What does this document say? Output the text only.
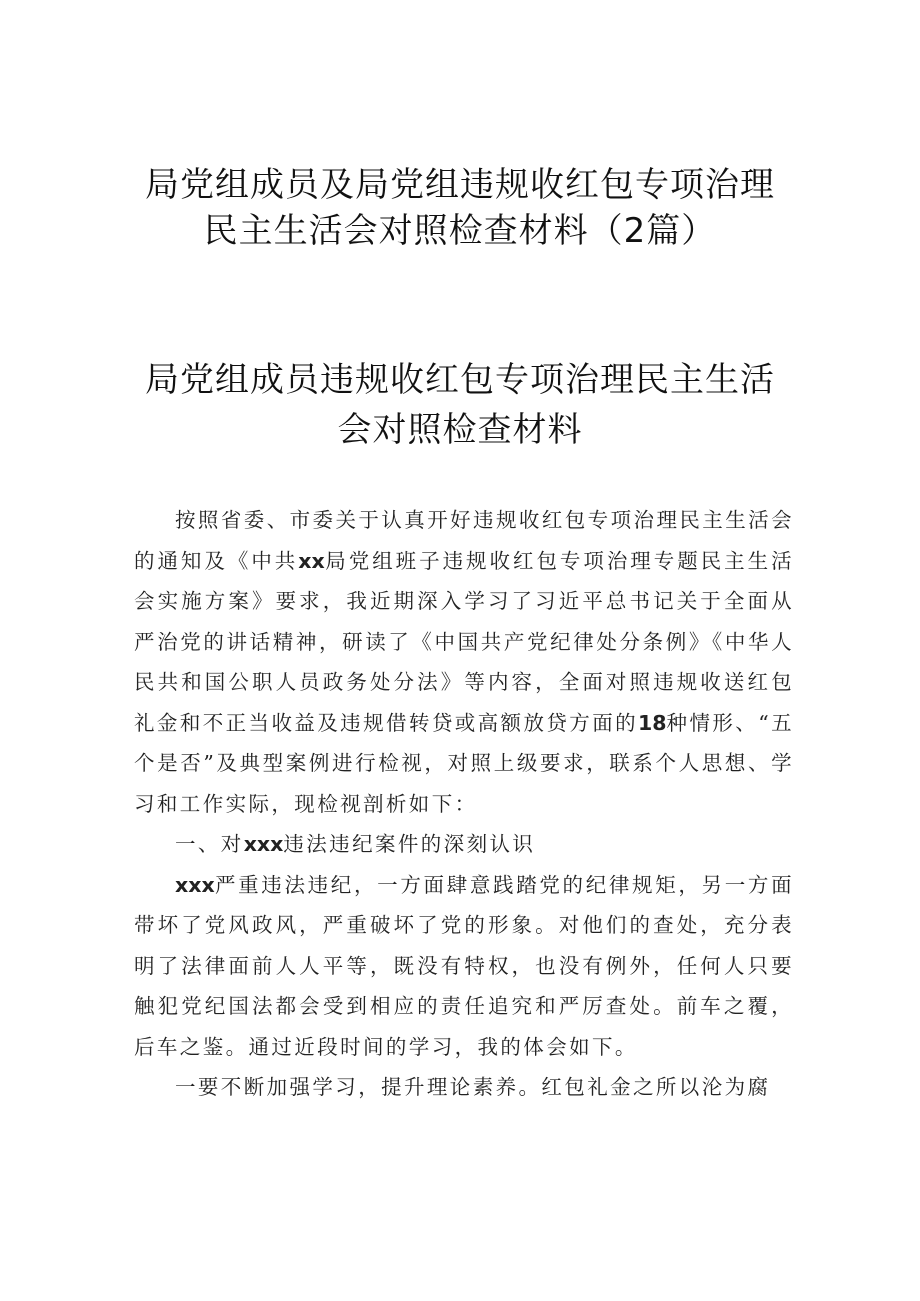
局党组成员及局党组违规收红包专项治理
民主生活会对照检查材料（2篇）
局党组成员违规收红包专项治理民主生活
会对照检查材料

按照省委、市委关于认真开好违规收红包专项治理民主生活会的通知及《中共xx局党组班子违规收红包专项治理专题民主生活会实施方案》要求，我近期深入学习了习近平总书记关于全面从严治党的讲话精神，研读了《中国共产党纪律处分条例》《中华人民共和国公职人员政务处分法》等内容，全面对照违规收送红包礼金和不正当收益及违规借转贷或高额放贷方面的18种情形、“五个是否”及典型案例进行检视，对照上级要求，联系个人思想、学习和工作实际，现检视剖析如下：

一、对xxx违法违纪案件的深刻认识

xxx严重违法违纪，一方面肆意践踏党的纪律规矩，另一方面带坏了党风政风，严重破坏了党的形象。对他们的查处，充分表明了法律面前人人平等，既没有特权，也没有例外，任何人只要触犯党纪国法都会受到相应的责任追究和严厉查处。前车之覆，后车之鉴。通过近段时间的学习，我的体会如下。

一要不断加强学习，提升理论素养。红包礼金之所以沦为腐
